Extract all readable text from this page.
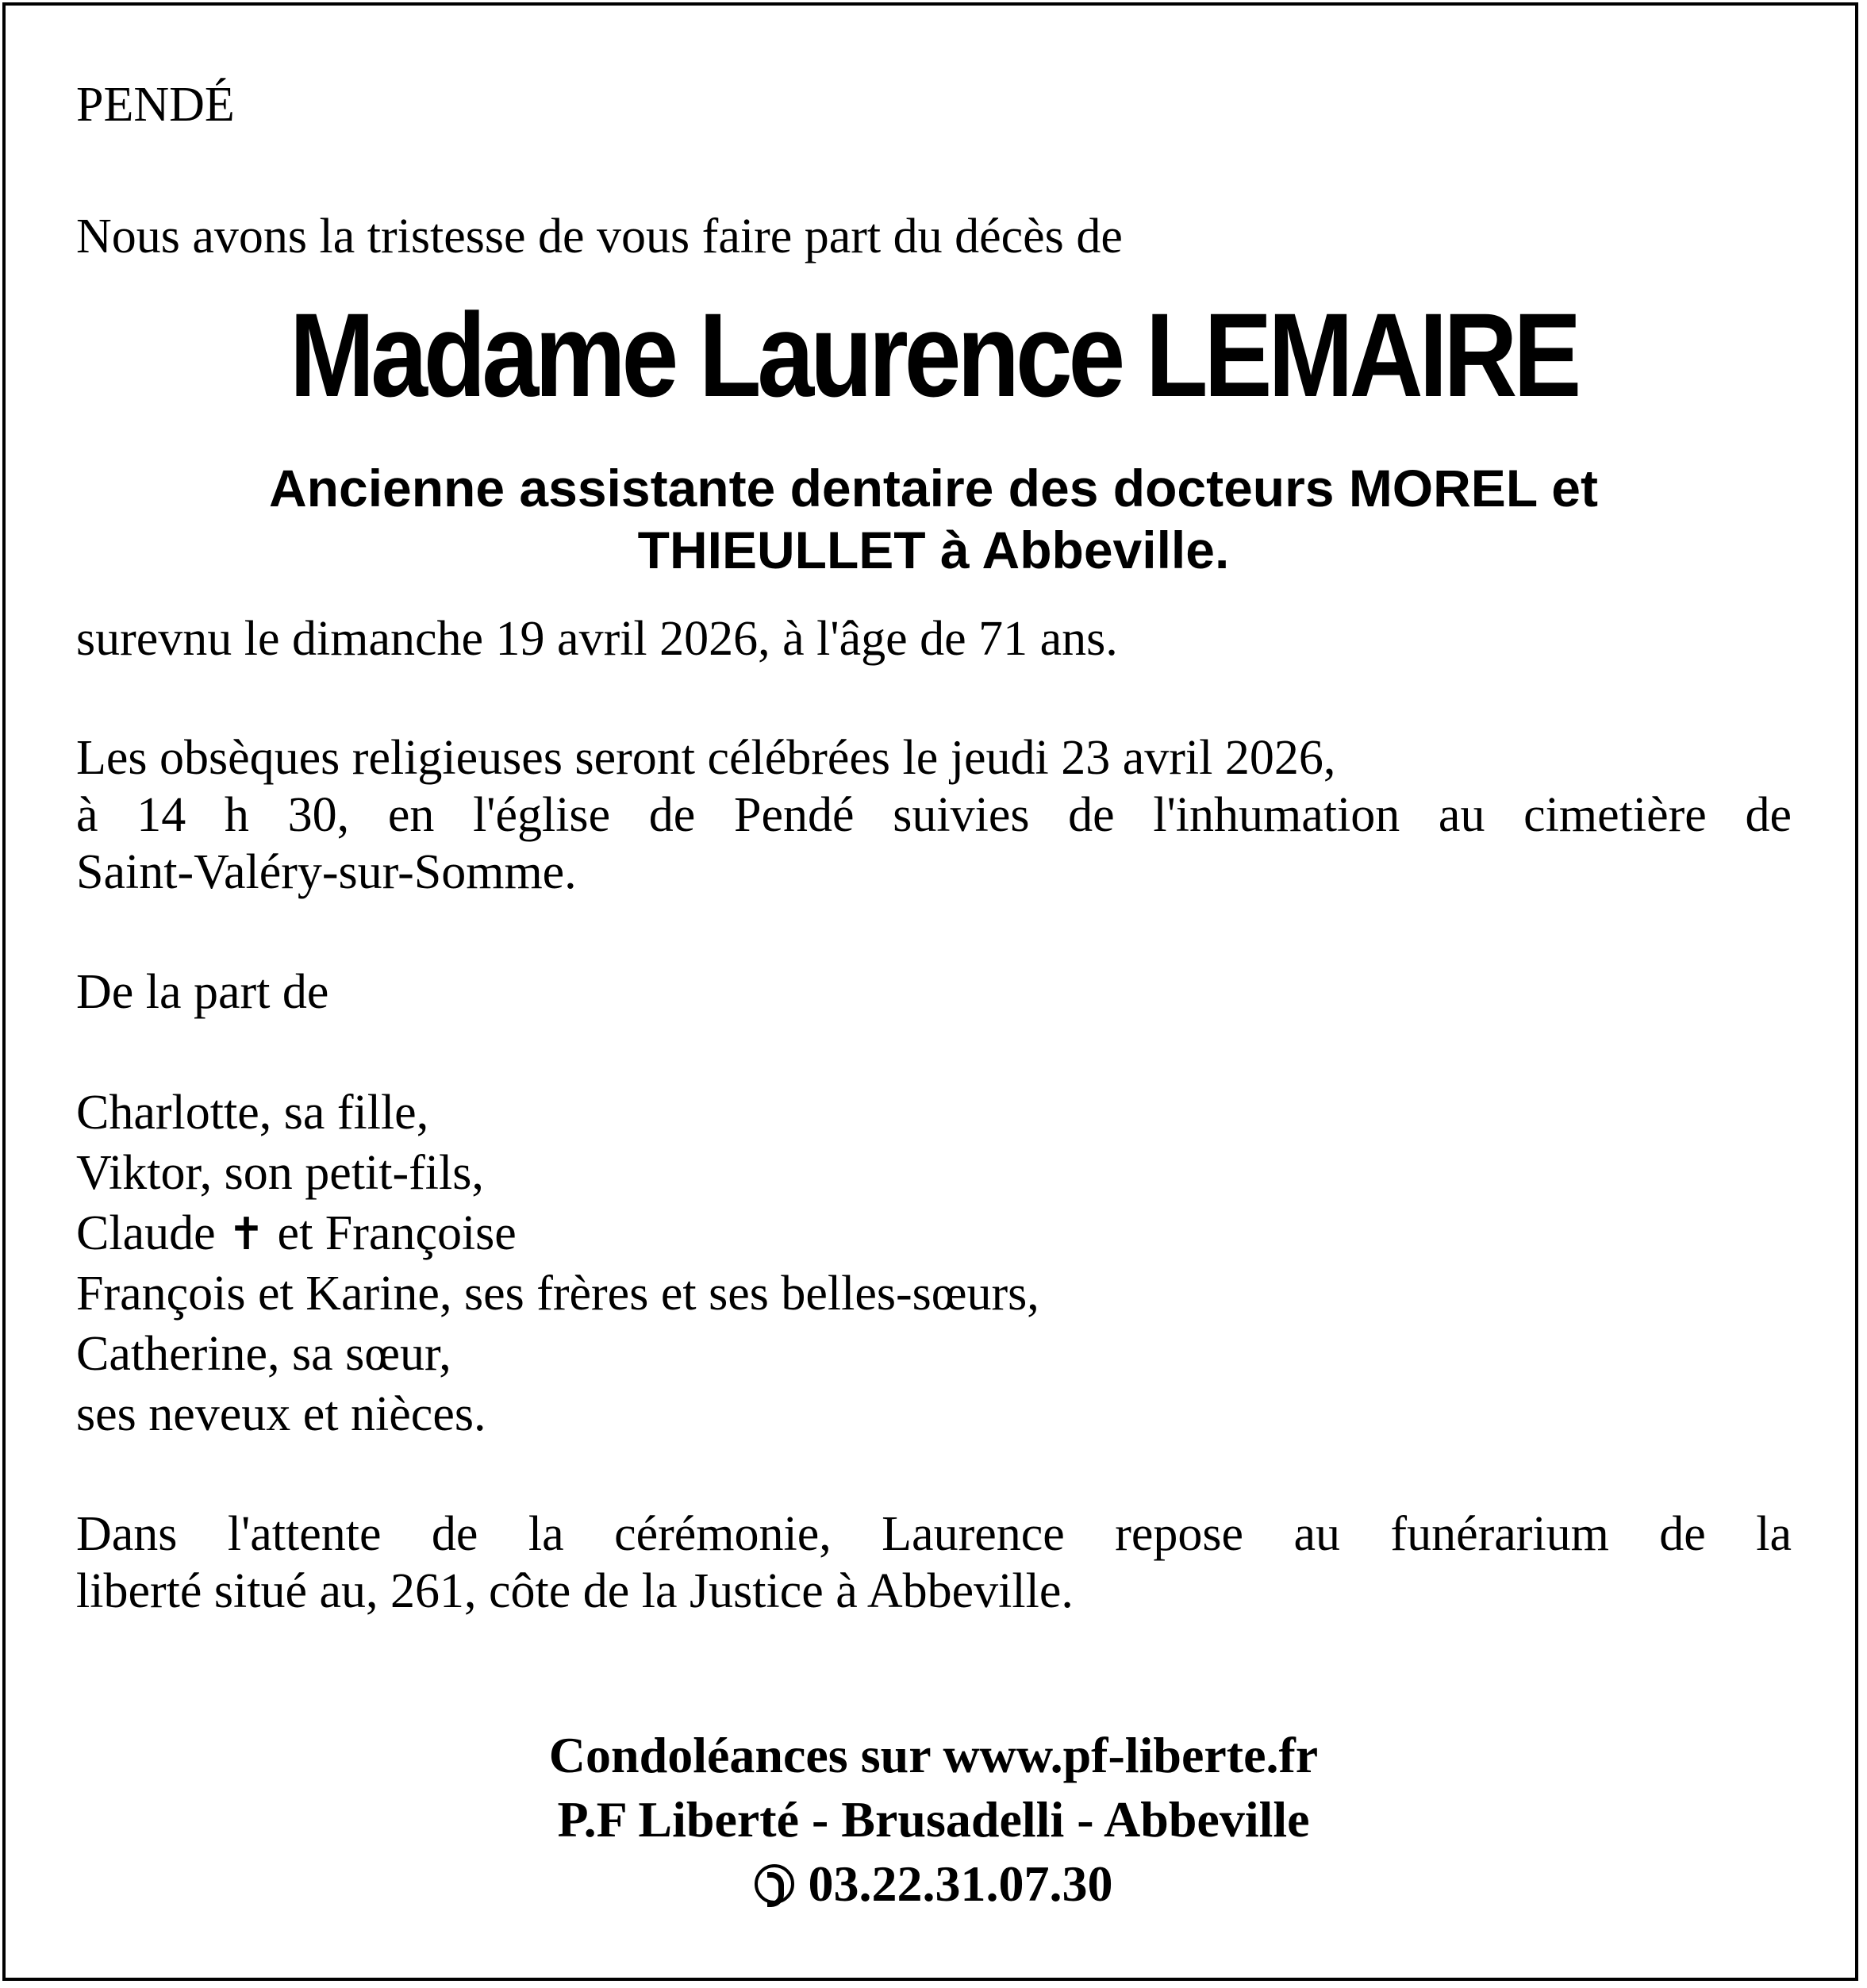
PENDÉ
Nous avons la tristesse de vous faire part du décès de
Madame Laurence LEMAIRE
Ancienne assistante dentaire des docteurs MOREL et
THIEULLET à Abbeville.
surevnu le dimanche 19 avril 2026, à l'âge de 71 ans.
Les obsèques religieuses seront célébrées le jeudi 23 avril 2026,
à 14 h 30, en l'église de Pendé suivies de l'inhumation au cimetière de
Saint-Valéry-sur-Somme.
De la part de
Charlotte, sa fille,
Viktor, son petit-fils,
Claude ✝ et Françoise
François et Karine, ses frères et ses belles-sœurs,
Catherine, sa sœur,
ses neveux et nièces.
Dans l'attente de la cérémonie, Laurence repose au funérarium de la
liberté situé au, 261, côte de la Justice à Abbeville.
Condoléances sur www.pf-liberte.fr
P.F Liberté - Brusadelli - Abbeville
03.22.31.07.30
